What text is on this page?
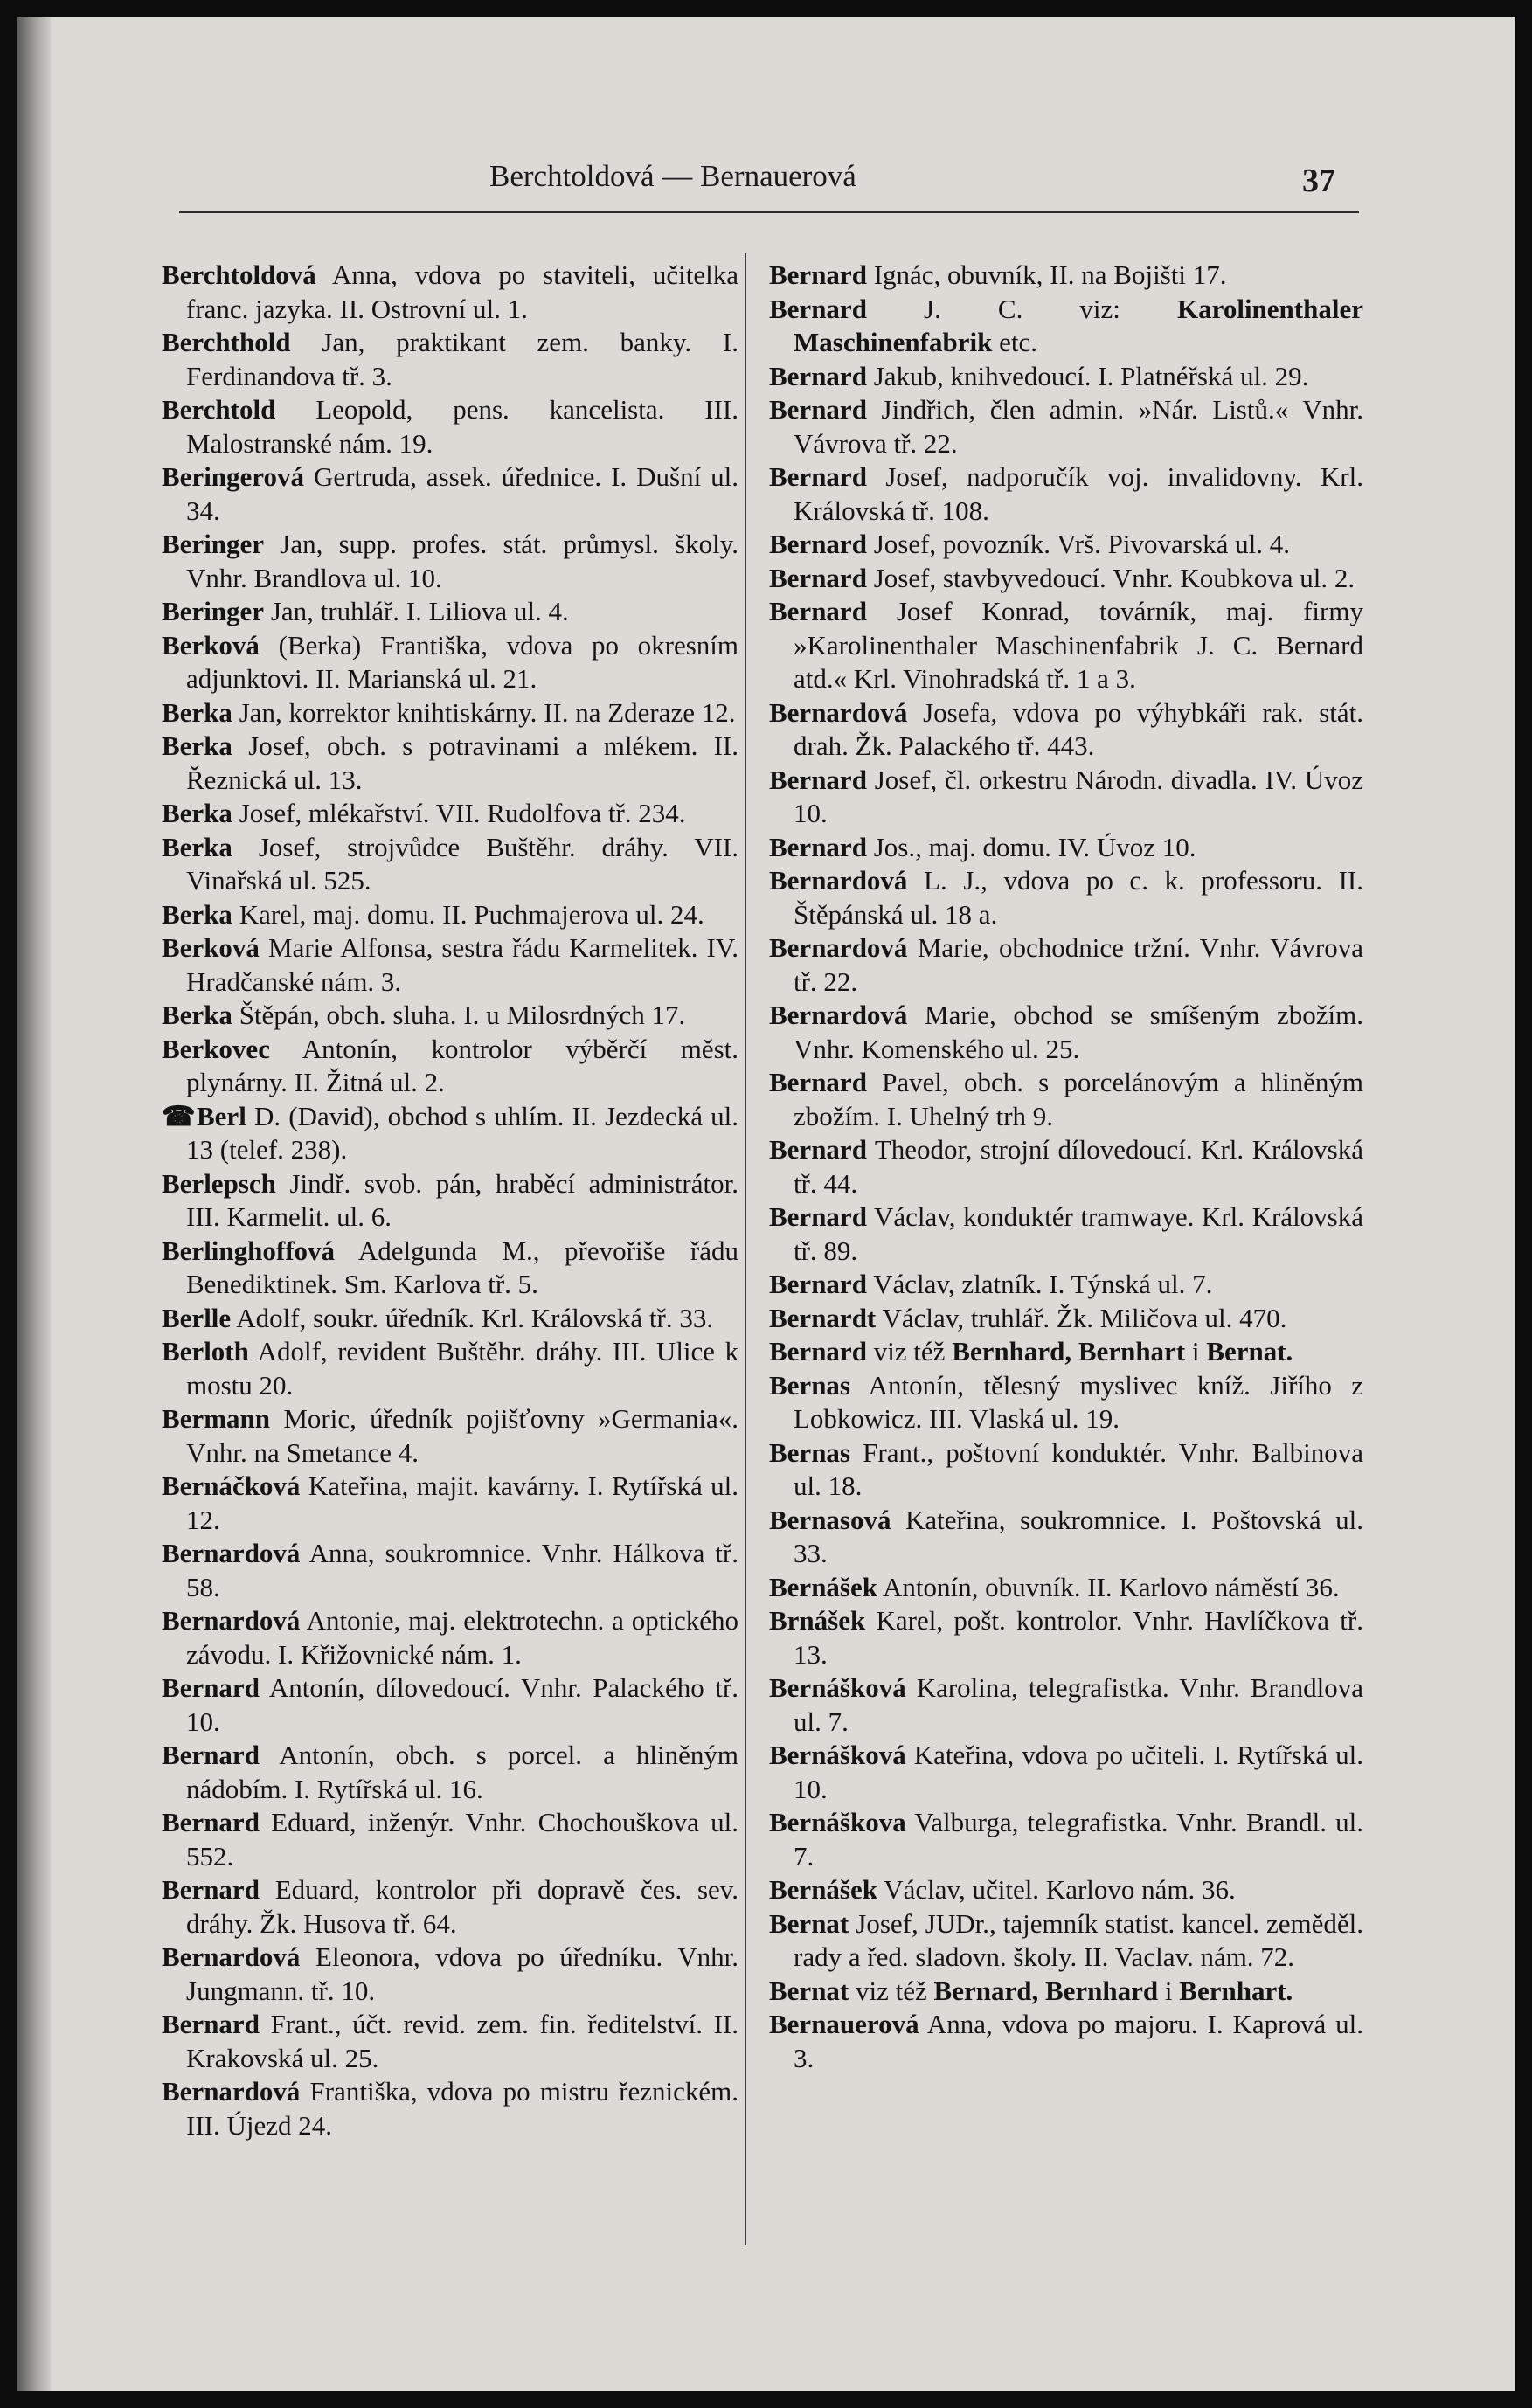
Berchtoldová — Bernauerová	37
Berchtoldová Anna, vdova po staviteli, učitelka franc. jazyka. II. Ostrovní ul. 1.
Berchthold Jan, praktikant zem. banky. I. Ferdinandova tř. 3.
Berchtold Leopold, pens. kancelista. III. Malostranské nám. 19.
Beringerová Gertruda, assek. úřednice. I. Dušní ul. 34.
Beringer Jan, supp. profes. stát. průmysl. školy. Vnhr. Brandlova ul. 10.
Beringer Jan, truhlář. I. Liliova ul. 4.
Berková (Berka) Františka, vdova po okresním adjunktovi. II. Marianská ul. 21.
Berka Jan, korrektor knihtiskárny. II. na Zderaze 12.
Berka Josef, obch. s potravinami a mlékem. II. Řeznická ul. 13.
Berka Josef, mlékařství. VII. Rudolfova tř. 234.
Berka Josef, strojvůdce Buštěhr. dráhy. VII. Vinařská ul. 525.
Berka Karel, maj. domu. II. Puchmajerova ul. 24.
Berková Marie Alfonsa, sestra řádu Karmelitek. IV. Hradčanské nám. 3.
Berka Štěpán, obch. sluha. I. u Milosrdných 17.
Berkovec Antonín, kontrolor výběrčí měst. plynárny. II. Žitná ul. 2.
☎Berl D. (David), obchod s uhlím. II. Jezdecká ul. 13 (telef. 238).
Berlepsch Jindř. svob. pán, hraběcí administrátor. III. Karmelit. ul. 6.
Berlinghoffová Adelgunda M., převořiše řádu Benediktinek. Sm. Karlova tř. 5.
Berlle Adolf, soukr. úředník. Krl. Královská tř. 33.
Berloth Adolf, revident Buštěhr. dráhy. III. Ulice k mostu 20.
Bermann Moric, úředník pojišťovny »Germania«. Vnhr. na Smetance 4.
Bernáčková Kateřina, majit. kavárny. I. Rytířská ul. 12.
Bernardová Anna, soukromnice. Vnhr. Hálkova tř. 58.
Bernardová Antonie, maj. elektrotechn. a optického závodu. I. Křižovnické nám. 1.
Bernard Antonín, dílovedoucí. Vnhr. Palackého tř. 10.
Bernard Antonín, obch. s porcel. a hliněným nádobím. I. Rytířská ul. 16.
Bernard Eduard, inženýr. Vnhr. Chochouškova ul. 552.
Bernard Eduard, kontrolor při dopravě čes. sev. dráhy. Žk. Husova tř. 64.
Bernardová Eleonora, vdova po úředníku. Vnhr. Jungmann. tř. 10.
Bernard Frant., účt. revid. zem. fin. ředitelství. II. Krakovská ul. 25.
Bernardová Františka, vdova po mistru řeznickém. III. Újezd 24.
Bernard Ignác, obuvník, II. na Bojišti 17.
Bernard J. C. viz: Karolinenthaler Maschinenfabrik etc.
Bernard Jakub, knihvedoucí. I. Platnéřská ul. 29.
Bernard Jindřich, člen admin. »Nár. Listů.« Vnhr. Vávrova tř. 22.
Bernard Josef, nadporučík voj. invalidovny. Krl. Královská tř. 108.
Bernard Josef, povozník. Vrš. Pivovarská ul. 4.
Bernard Josef, stavbyvedoucí. Vnhr. Koubkova ul. 2.
Bernard Josef Konrad, továrník, maj. firmy »Karolinenthaler Maschinenfabrik J. C. Bernard atd.« Krl. Vinohradská tř. 1 a 3.
Bernardová Josefa, vdova po výhybkáři rak. stát. drah. Žk. Palackého tř. 443.
Bernard Josef, čl. orkestru Národn. divadla. IV. Úvoz 10.
Bernard Jos., maj. domu. IV. Úvoz 10.
Bernardová L. J., vdova po c. k. professoru. II. Štěpánská ul. 18 a.
Bernardová Marie, obchodnice tržní. Vnhr. Vávrova tř. 22.
Bernardová Marie, obchod se smíšeným zbožím. Vnhr. Komenského ul. 25.
Bernard Pavel, obch. s porcelánovým a hliněným zbožím. I. Uhelný trh 9.
Bernard Theodor, strojní dílovedoucí. Krl. Královská tř. 44.
Bernard Václav, konduktér tramwaye. Krl. Královská tř. 89.
Bernard Václav, zlatník. I. Týnská ul. 7.
Bernardt Václav, truhlář. Žk. Miličova ul. 470.
Bernard viz též Bernhard, Bernhart i Bernat.
Bernas Antonín, tělesný myslivec kníž. Jiřího z Lobkowicz. III. Vlaská ul. 19.
Bernas Frant., poštovní konduktér. Vnhr. Balbinova ul. 18.
Bernasová Kateřina, soukromnice. I. Poštovská ul. 33.
Bernášek Antonín, obuvník. II. Karlovo náměstí 36.
Brnášek Karel, pošt. kontrolor. Vnhr. Havlíčkova tř. 13.
Bernášková Karolina, telegrafistka. Vnhr. Brandlova ul. 7.
Bernášková Kateřina, vdova po učiteli. I. Rytířská ul. 10.
Bernáškova Valburga, telegrafistka. Vnhr. Brandl. ul. 7.
Bernášek Václav, učitel. Karlovo nám. 36.
Bernat Josef, JUDr., tajemník statist. kancel. zeměděl. rady a řed. sladovn. školy. II. Vaclav. nám. 72.
Bernat viz též Bernard, Bernhard i Bernhart.
Bernauerová Anna, vdova po majoru. I. Kaprová ul. 3.
